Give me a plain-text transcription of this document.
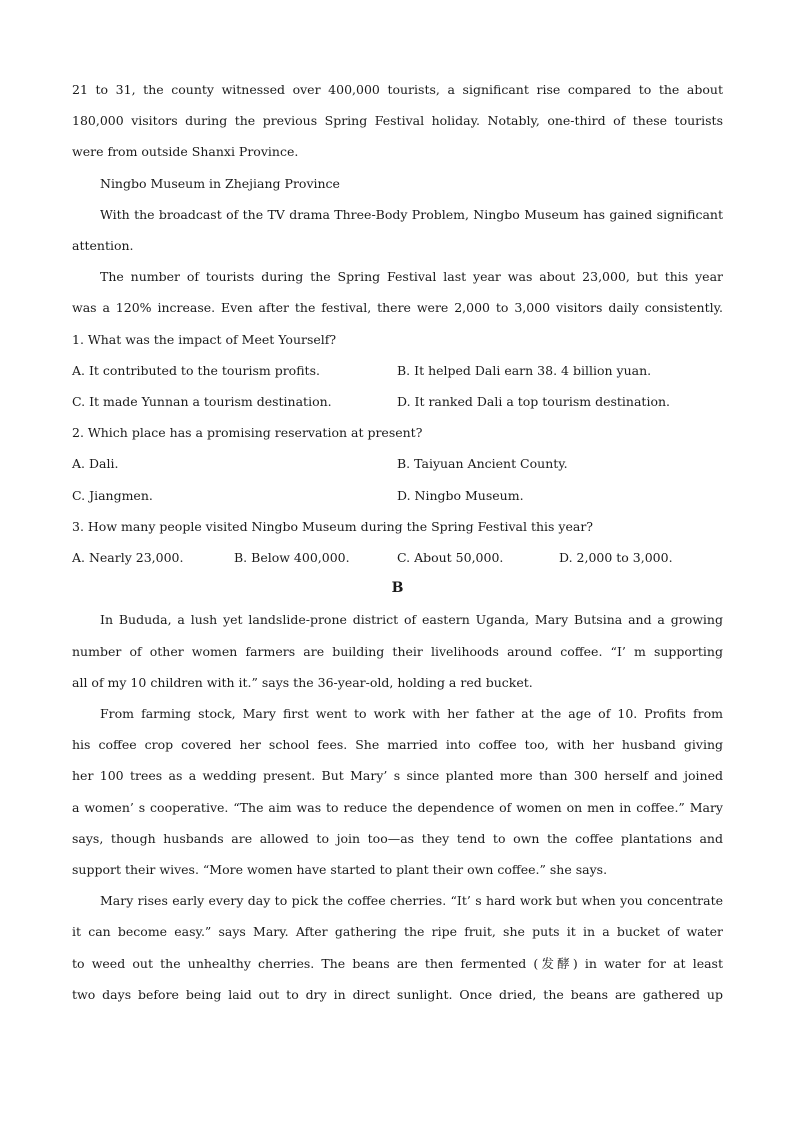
21 to 31, the county witnessed over 400,000 tourists, a significant rise compared to the about
180,000 visitors during the previous Spring Festival holiday. Notably, one-third of these tourists
were from outside Shanxi Province.
Ningbo Museum in Zhejiang Province
With the broadcast of the TV drama Three-Body Problem, Ningbo Museum has gained significant
attention.
The number of tourists during the Spring Festival last year was about 23,000, but this year
was a 120% increase. Even after the festival, there were 2,000 to 3,000 visitors daily consistently.
1. What was the impact of Meet Yourself?
A. It contributed to the tourism profits.	B. It helped Dali earn 38. 4 billion yuan.
C. It made Yunnan a tourism destination.	D. It ranked Dali a top tourism destination.
2. Which place has a promising reservation at present?
A. Dali.	B. Taiyuan Ancient County.
C. Jiangmen.	D. Ningbo Museum.
3. How many people visited Ningbo Museum during the Spring Festival this year?
A. Nearly 23,000.	B. Below 400,000.	C. About 50,000.	D. 2,000 to 3,000.
B
In Bududa, a lush yet landslide-prone district of eastern Uganda, Mary Butsina and a growing
number of other women farmers are building their livelihoods around coffee. “I’ m supporting
all of my 10 children with it.” says the 36-year-old, holding a red bucket.
From farming stock, Mary first went to work with her father at the age of 10. Profits from
his coffee crop covered her school fees. She married into coffee too, with her husband giving
her 100 trees as a wedding present. But Mary’ s since planted more than 300 herself and joined
a women’ s cooperative. “The aim was to reduce the dependence of women on men in coffee.” Mary
says, though husbands are allowed to join too—as they tend to own the coffee plantations and
support their wives. “More women have started to plant their own coffee.” she says.
Mary rises early every day to pick the coffee cherries. “It’ s hard work but when you concentrate
it can become easy.” says Mary. After gathering the ripe fruit, she puts it in a bucket of water
to weed out the unhealthy cherries. The beans are then fermented (发酵) in water for at least
two days before being laid out to dry in direct sunlight. Once dried, the beans are gathered up
